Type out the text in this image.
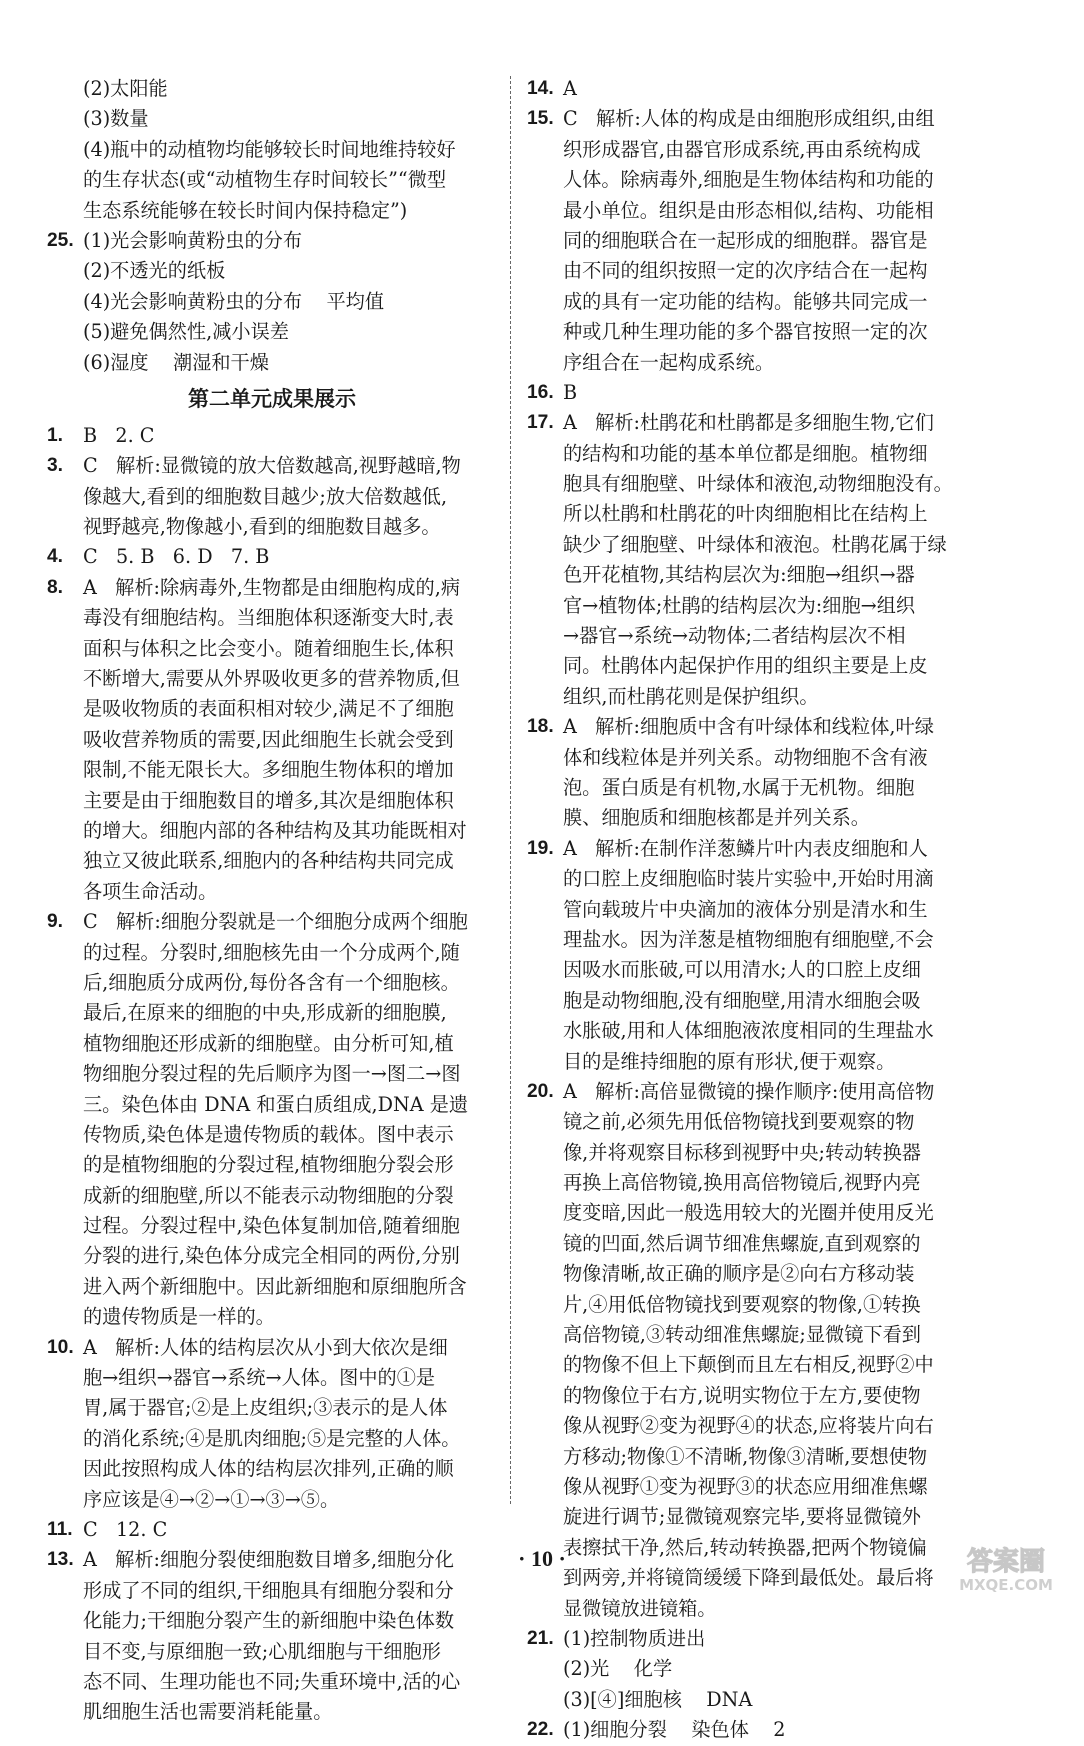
(2)太阳能
(3)数量
(4)瓶中的动植物均能够较长时间地维持较好
的生存状态(或“动植物生存时间较长”“微型
生态系统能够在较长时间内保持稳定”)
25. (1)光会影响黄粉虫的分布
(2)不透光的纸板
(4)光会影响黄粉虫的分布    平均值
(5)避免偶然性,减小误差
(6)湿度    潮湿和干燥
第二单元成果展示
1. B   2. C
3. C   解析:显微镜的放大倍数越高,视野越暗,物
像越大,看到的细胞数目越少;放大倍数越低,
视野越亮,物像越小,看到的细胞数目越多。
4. C   5. B   6. D   7. B
8. A   解析:除病毒外,生物都是由细胞构成的,病
毒没有细胞结构。当细胞体积逐渐变大时,表
面积与体积之比会变小。随着细胞生长,体积
不断增大,需要从外界吸收更多的营养物质,但
是吸收物质的表面积相对较少,满足不了细胞
吸收营养物质的需要,因此细胞生长就会受到
限制,不能无限长大。多细胞生物体积的增加
主要是由于细胞数目的增多,其次是细胞体积
的增大。细胞内部的各种结构及其功能既相对
独立又彼此联系,细胞内的各种结构共同完成
各项生命活动。
9. C   解析:细胞分裂就是一个细胞分成两个细胞
的过程。分裂时,细胞核先由一个分成两个,随
后,细胞质分成两份,每份各含有一个细胞核。
最后,在原来的细胞的中央,形成新的细胞膜,
植物细胞还形成新的细胞壁。由分析可知,植
物细胞分裂过程的先后顺序为图一→图二→图
三。染色体由 DNA 和蛋白质组成,DNA 是遗
传物质,染色体是遗传物质的载体。图中表示
的是植物细胞的分裂过程,植物细胞分裂会形
成新的细胞壁,所以不能表示动物细胞的分裂
过程。分裂过程中,染色体复制加倍,随着细胞
分裂的进行,染色体分成完全相同的两份,分别
进入两个新细胞中。因此新细胞和原细胞所含
的遗传物质是一样的。
10. A   解析:人体的结构层次从小到大依次是细
胞→组织→器官→系统→人体。图中的①是
胃,属于器官;②是上皮组织;③表示的是人体
的消化系统;④是肌肉细胞;⑤是完整的人体。
因此按照构成人体的结构层次排列,正确的顺
序应该是④→②→①→③→⑤。
11. C   12. C
13. A   解析:细胞分裂使细胞数目增多,细胞分化
形成了不同的组织,干细胞具有细胞分裂和分
化能力;干细胞分裂产生的新细胞中染色体数
目不变,与原细胞一致;心肌细胞与干细胞形
态不同、生理功能也不同;失重环境中,活的心
肌细胞生活也需要消耗能量。
14. A
15. C   解析:人体的构成是由细胞形成组织,由组
织形成器官,由器官形成系统,再由系统构成
人体。除病毒外,细胞是生物体结构和功能的
最小单位。组织是由形态相似,结构、功能相
同的细胞联合在一起形成的细胞群。器官是
由不同的组织按照一定的次序结合在一起构
成的具有一定功能的结构。能够共同完成一
种或几种生理功能的多个器官按照一定的次
序组合在一起构成系统。
16. B
17. A   解析:杜鹃花和杜鹃都是多细胞生物,它们
的结构和功能的基本单位都是细胞。植物细
胞具有细胞壁、叶绿体和液泡,动物细胞没有。
所以杜鹃和杜鹃花的叶肉细胞相比在结构上
缺少了细胞壁、叶绿体和液泡。杜鹃花属于绿
色开花植物,其结构层次为:细胞→组织→器
官→植物体;杜鹃的结构层次为:细胞→组织
→器官→系统→动物体;二者结构层次不相
同。杜鹃体内起保护作用的组织主要是上皮
组织,而杜鹃花则是保护组织。
18. A   解析:细胞质中含有叶绿体和线粒体,叶绿
体和线粒体是并列关系。动物细胞不含有液
泡。蛋白质是有机物,水属于无机物。细胞
膜、细胞质和细胞核都是并列关系。
19. A   解析:在制作洋葱鳞片叶内表皮细胞和人
的口腔上皮细胞临时装片实验中,开始时用滴
管向载玻片中央滴加的液体分别是清水和生
理盐水。因为洋葱是植物细胞有细胞壁,不会
因吸水而胀破,可以用清水;人的口腔上皮细
胞是动物细胞,没有细胞壁,用清水细胞会吸
水胀破,用和人体细胞液浓度相同的生理盐水
目的是维持细胞的原有形状,便于观察。
20. A   解析:高倍显微镜的操作顺序:使用高倍物
镜之前,必须先用低倍物镜找到要观察的物
像,并将观察目标移到视野中央;转动转换器
再换上高倍物镜,换用高倍物镜后,视野内亮
度变暗,因此一般选用较大的光圈并使用反光
镜的凹面,然后调节细准焦螺旋,直到观察的
物像清晰,故正确的顺序是②向右方移动装
片,④用低倍物镜找到要观察的物像,①转换
高倍物镜,③转动细准焦螺旋;显微镜下看到
的物像不但上下颠倒而且左右相反,视野②中
的物像位于右方,说明实物位于左方,要使物
像从视野②变为视野④的状态,应将装片向右
方移动;物像①不清晰,物像③清晰,要想使物
像从视野①变为视野③的状态应用细准焦螺
旋进行调节;显微镜观察完毕,要将显微镜外
表擦拭干净,然后,转动转换器,把两个物镜偏
到两旁,并将镜筒缓缓下降到最低处。最后将
显微镜放进镜箱。
21. (1)控制物质进出
(2)光    化学
(3)[④]细胞核    DNA
22. (1)细胞分裂    染色体    2
· 10 ·	答案圈
MXQE.COM
